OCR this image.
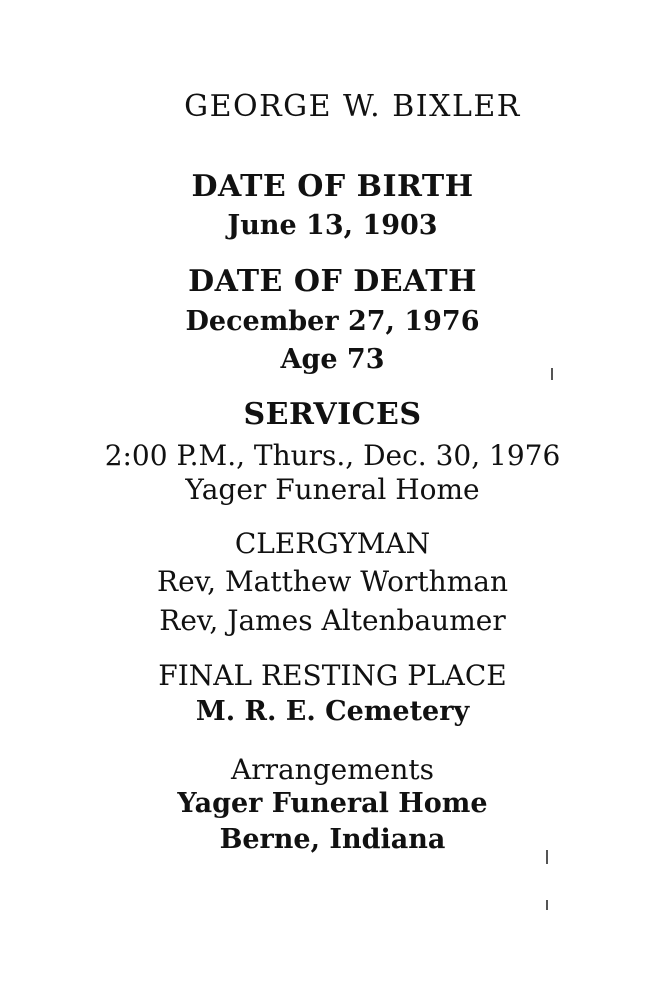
GEORGE W. BIXLER
DATE OF BIRTH
June 13, 1903
DATE OF DEATH
December 27, 1976
Age 73
SERVICES
2:00 P.M., Thurs., Dec. 30, 1976
Yager Funeral Home
CLERGYMAN
Rev, Matthew Worthman
Rev, James Altenbaumer
FINAL RESTING PLACE
M. R. E. Cemetery
Arrangements
Yager Funeral Home
Berne, Indiana
